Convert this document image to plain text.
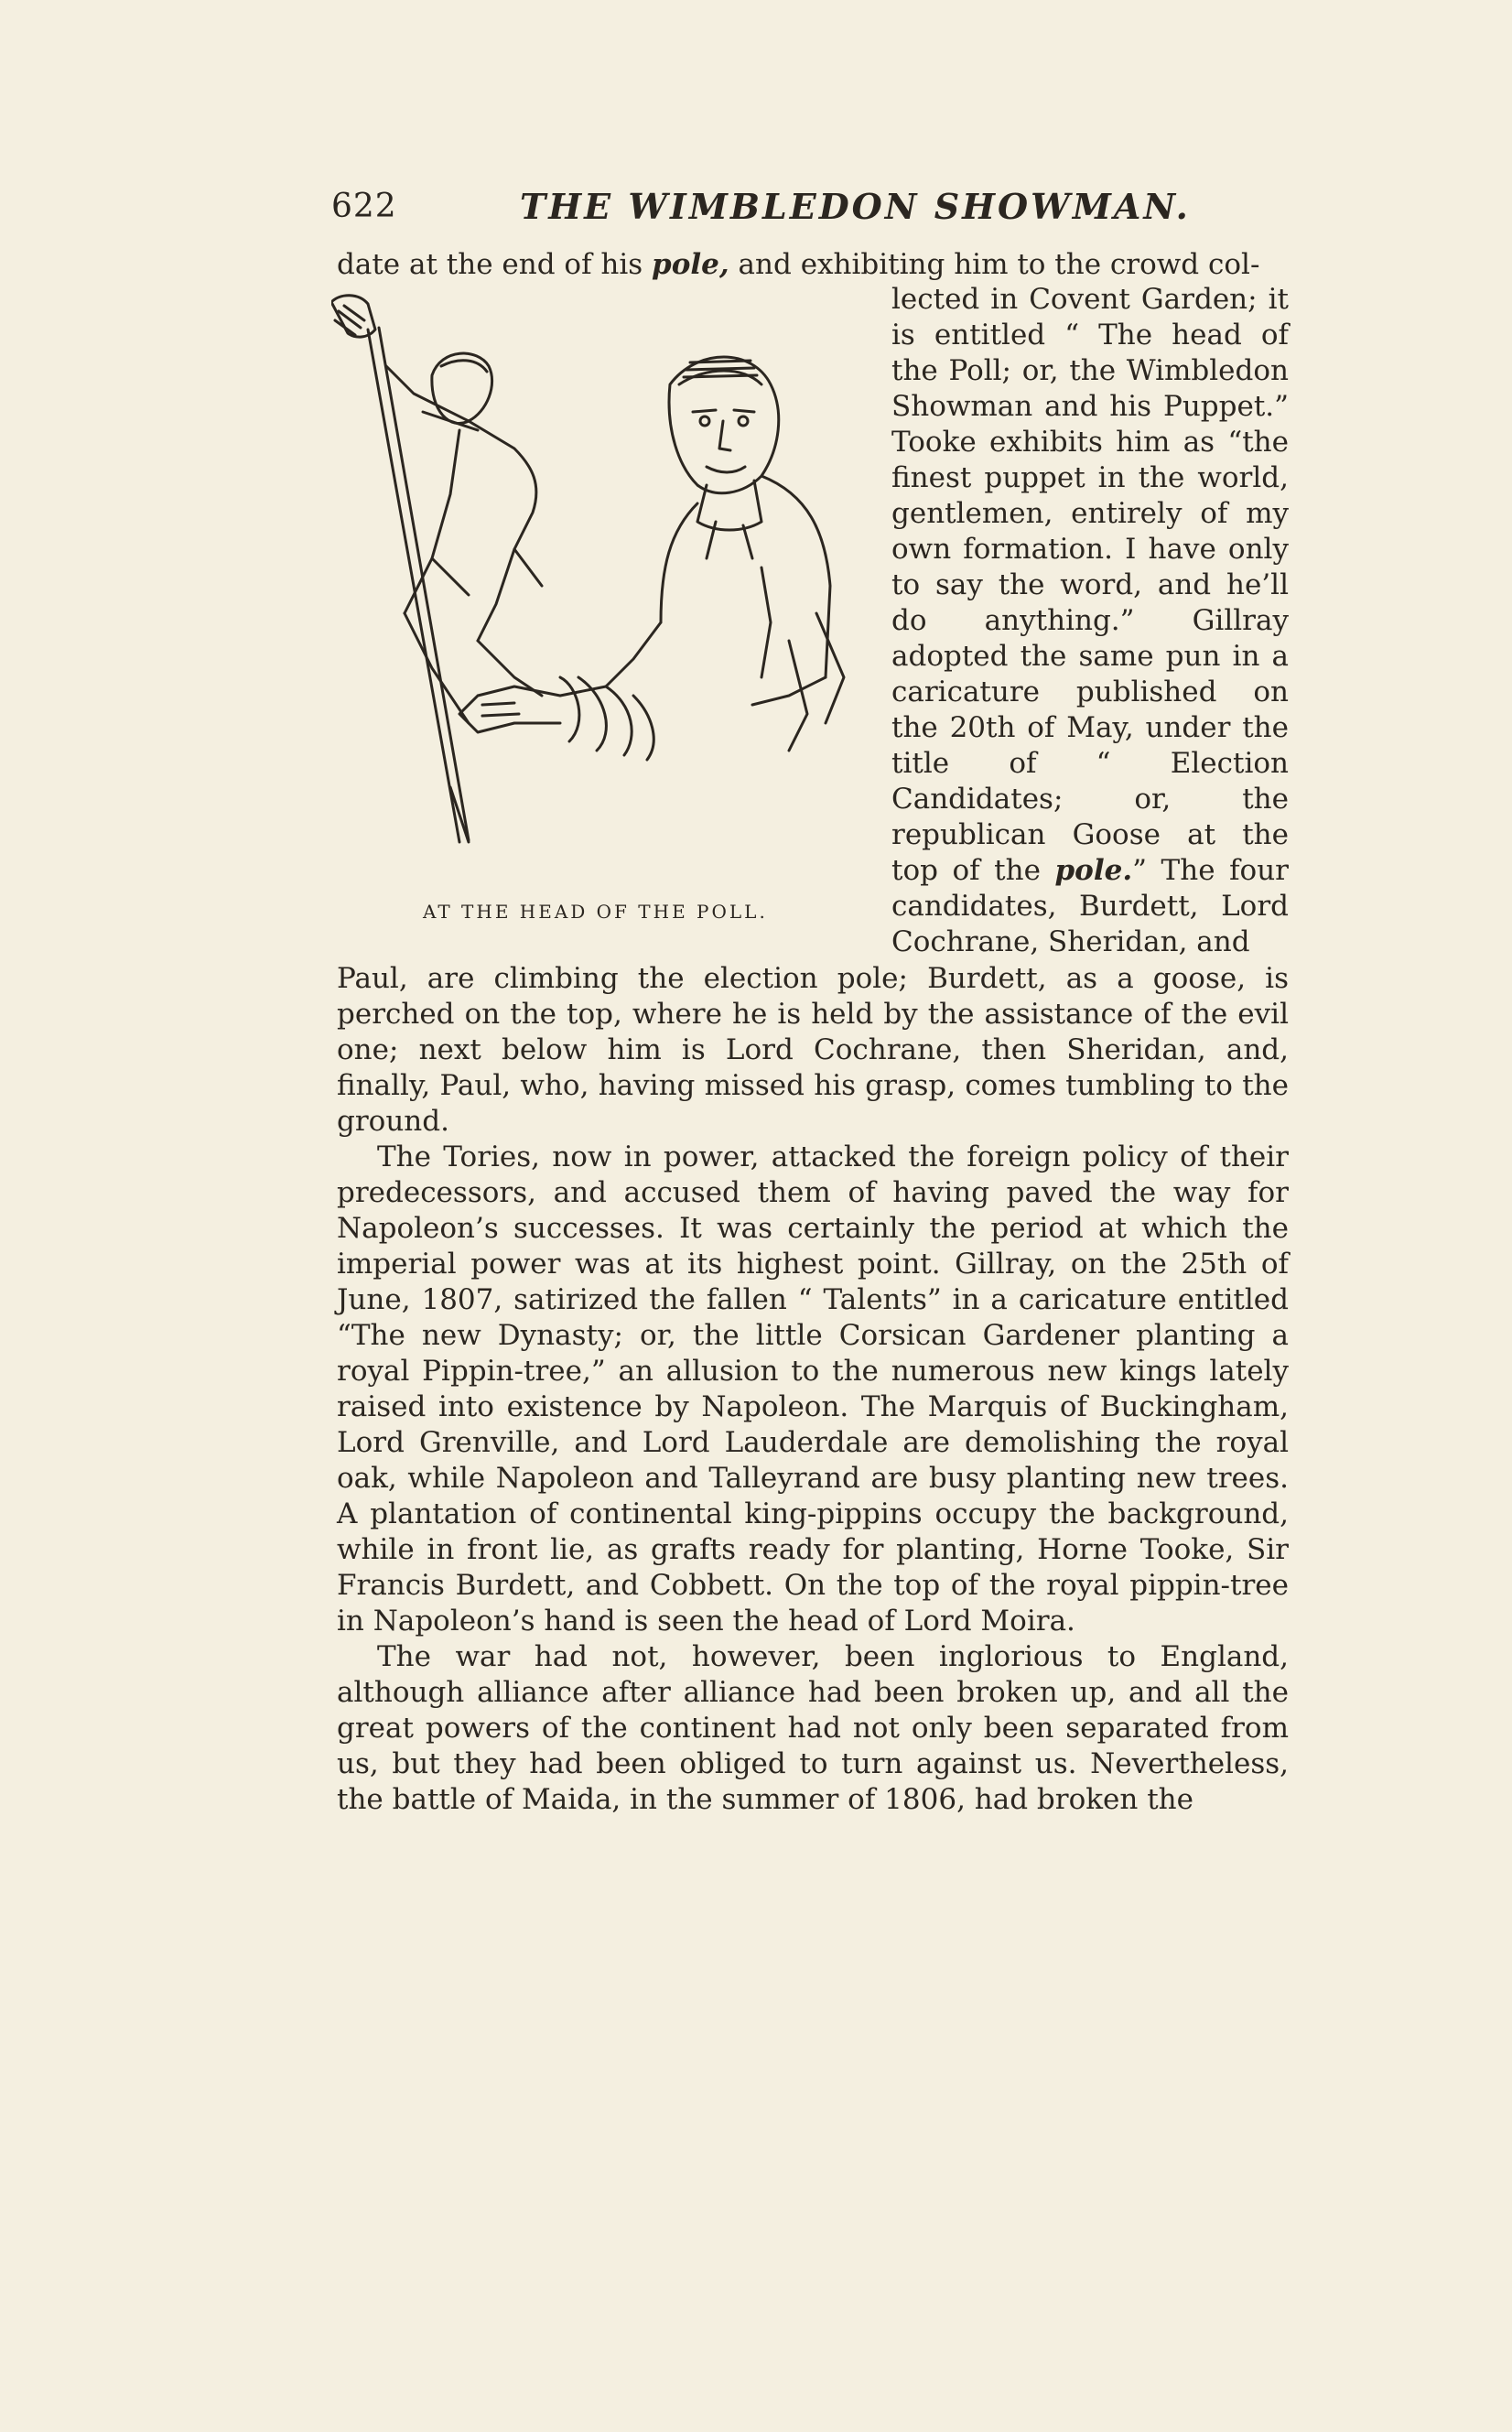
622	THE WIMBLEDON SHOWMAN.
date at the end of his pole, and exhibiting him to the crowd col-
AT THE HEAD OF THE POLL.

lected in Covent Garden; it is entitled “ The head of the Poll; or, the Wimbledon Showman and his Puppet.” Tooke exhibits him as “the finest puppet in the world, gentlemen, entirely of my own formation. I have only to say the word, and he’ll do anything.” Gillray adopted the same pun in a caricature published on the 20th of May, under the title of “ Election Candidates; or, the republican Goose at the top of the pole.” The four candidates, Burdett, Lord Cochrane, Sheridan, and

Paul, are climbing the election pole; Burdett, as a goose, is perched on the top, where he is held by the assistance of the evil one; next below him is Lord Cochrane, then Sheridan, and, finally, Paul, who, having missed his grasp, comes tumbling to the ground.

The Tories, now in power, attacked the foreign policy of their predecessors, and accused them of having paved the way for Napoleon’s successes. It was certainly the period at which the imperial power was at its highest point. Gillray, on the 25th of June, 1807, satirized the fallen “ Talents” in a caricature entitled “The new Dynasty; or, the little Corsican Gardener planting a royal Pippin-tree,” an allusion to the numerous new kings lately raised into existence by Napoleon. The Marquis of Buckingham, Lord Grenville, and Lord Lauderdale are demolishing the royal oak, while Napoleon and Talleyrand are busy planting new trees. A plantation of continental king-pippins occupy the background, while in front lie, as grafts ready for planting, Horne Tooke, Sir Francis Burdett, and Cobbett. On the top of the royal pippin-tree in Napoleon’s hand is seen the head of Lord Moira.

The war had not, however, been inglorious to England, although alliance after alliance had been broken up, and all the great powers of the continent had not only been separated from us, but they had been obliged to turn against us. Nevertheless, the battle of Maida, in the summer of 1806, had broken the
